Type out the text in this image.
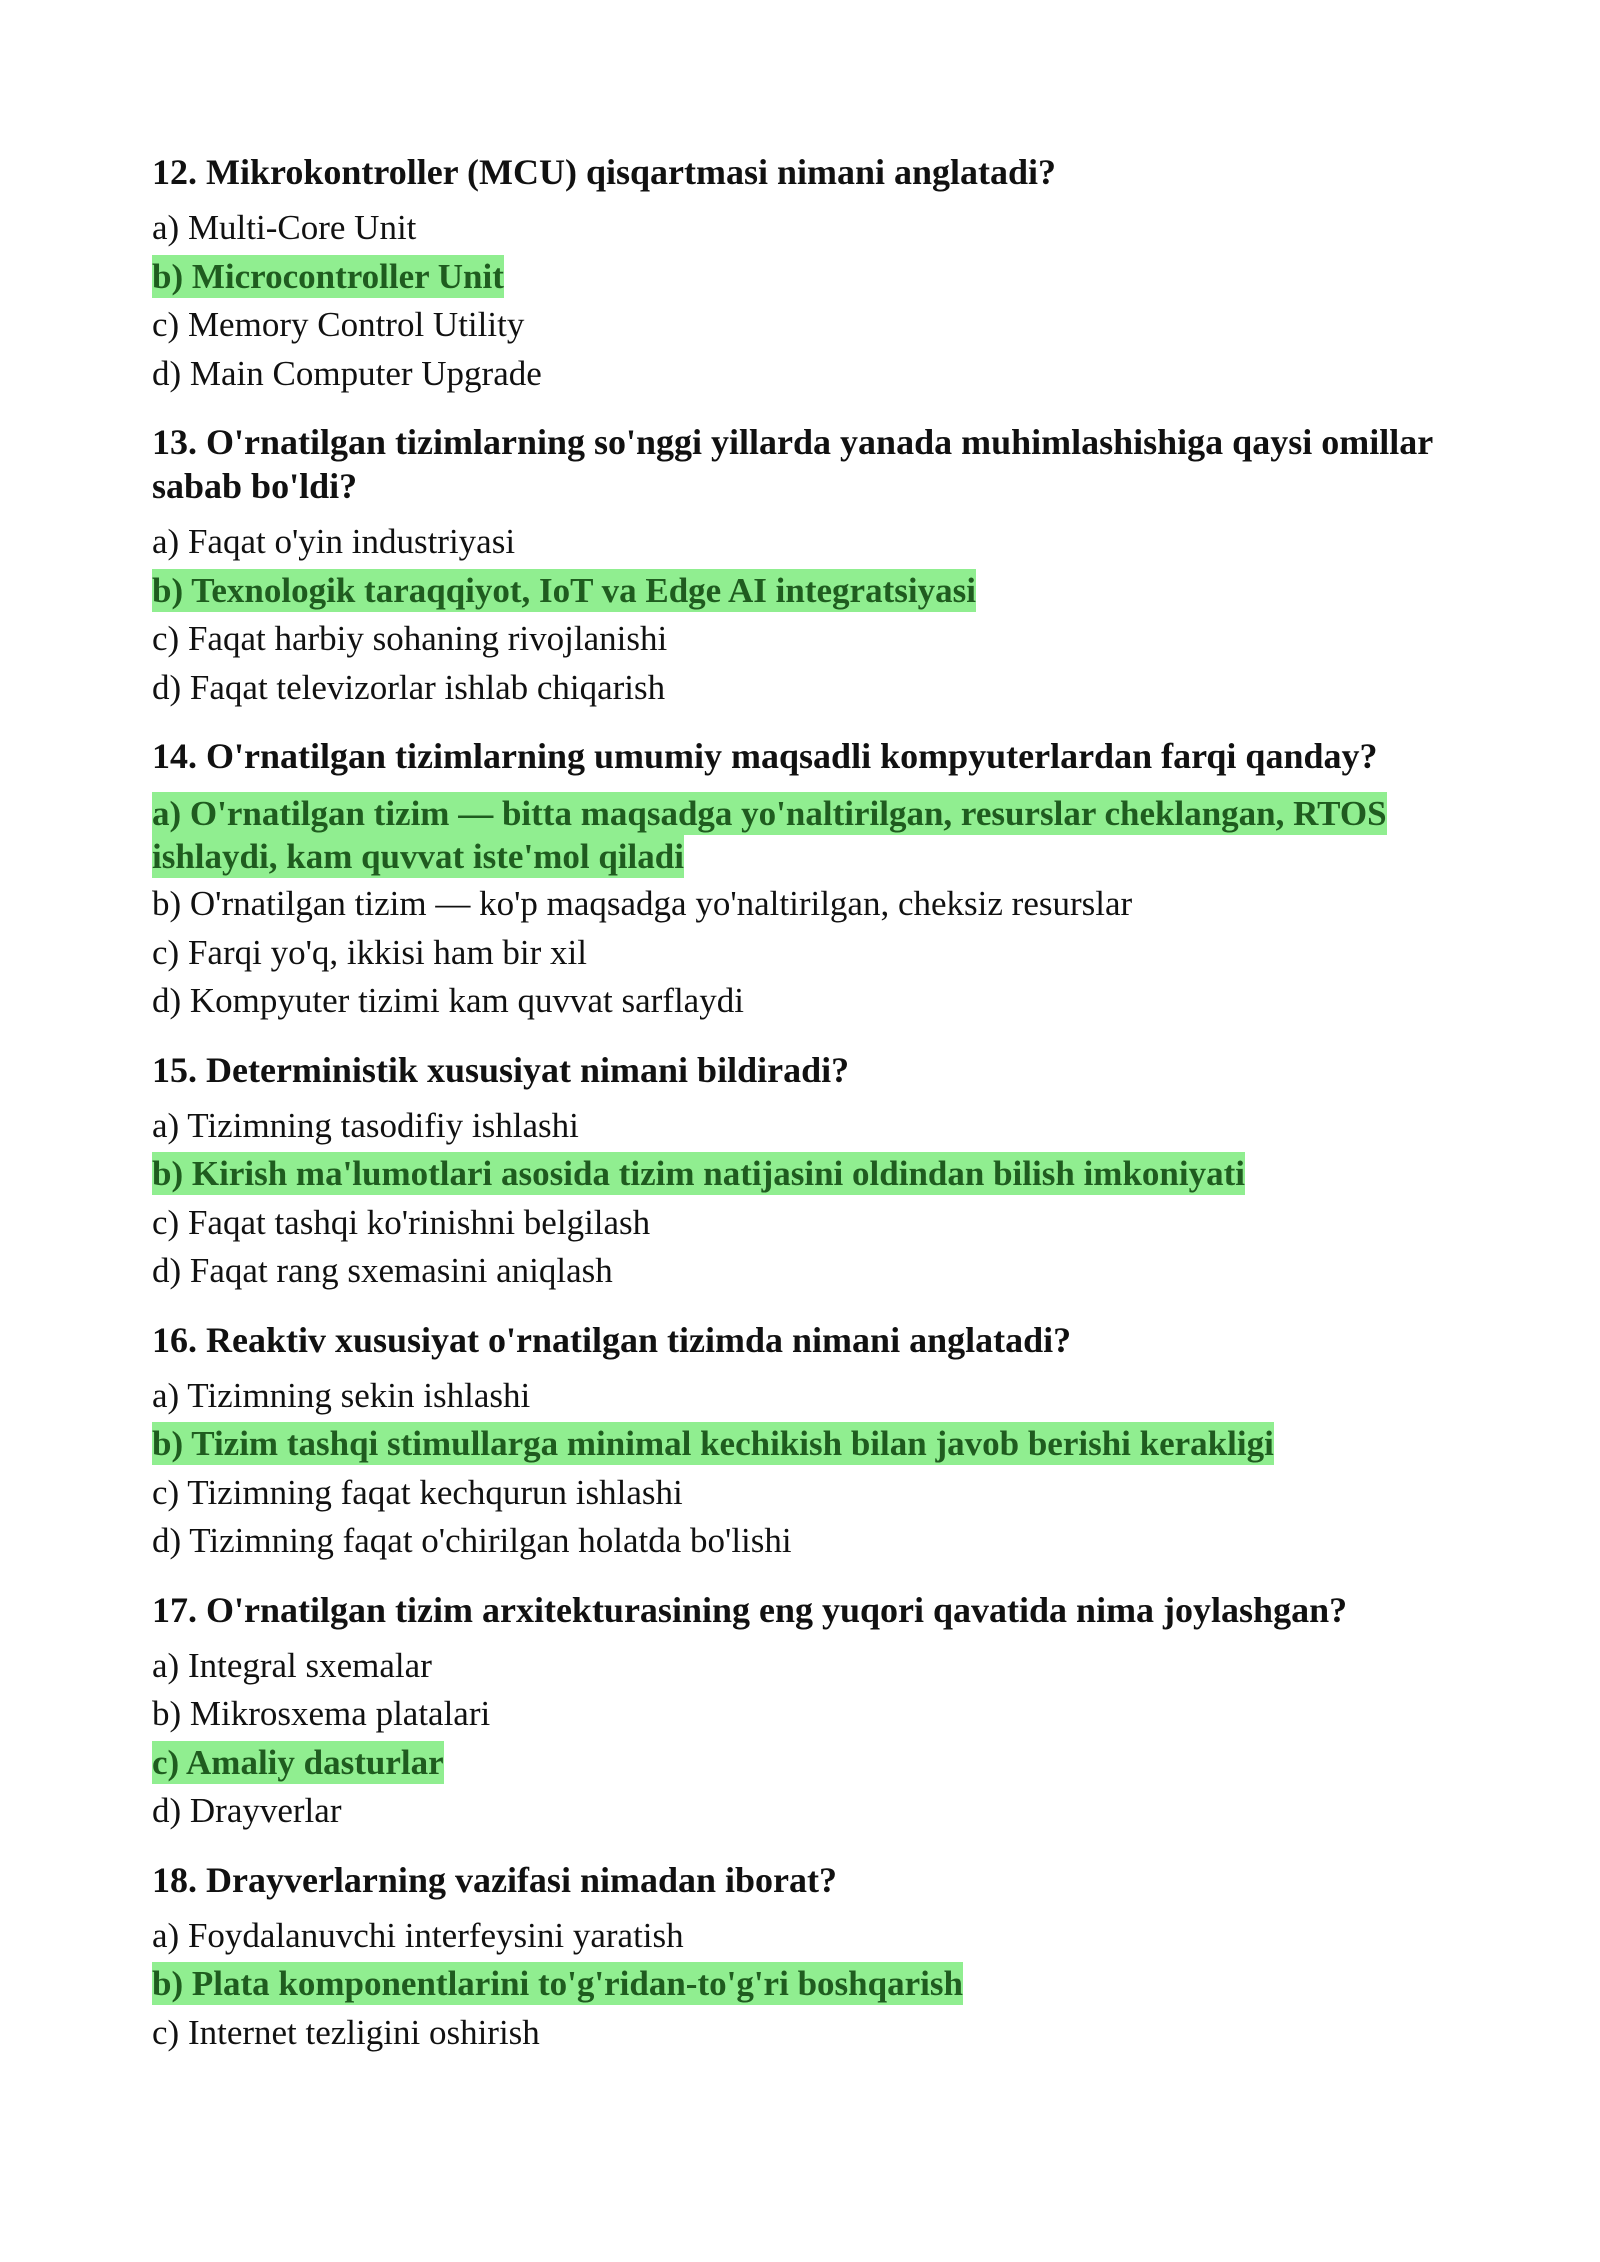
12. Mikrokontroller (MCU) qisqartmasi nimani anglatadi?
a) Multi-Core Unit
b) Microcontroller Unit
c) Memory Control Utility
d) Main Computer Upgrade
13. O'rnatilgan tizimlarning so'nggi yillarda yanada muhimlashishiga qaysi omillar sabab bo'ldi?
a) Faqat o'yin industriyasi
b) Texnologik taraqqiyot, IoT va Edge AI integratsiyasi
c) Faqat harbiy sohaning rivojlanishi
d) Faqat televizorlar ishlab chiqarish
14. O'rnatilgan tizimlarning umumiy maqsadli kompyuterlardan farqi qanday?
a) O'rnatilgan tizim — bitta maqsadga yo'naltirilgan, resurslar cheklangan, RTOS ishlaydi, kam quvvat iste'mol qiladi
b) O'rnatilgan tizim — ko'p maqsadga yo'naltirilgan, cheksiz resurslar
c) Farqi yo'q, ikkisi ham bir xil
d) Kompyuter tizimi kam quvvat sarflaydi
15. Deterministik xususiyat nimani bildiradi?
a) Tizimning tasodifiy ishlashi
b) Kirish ma'lumotlari asosida tizim natijasini oldindan bilish imkoniyati
c) Faqat tashqi ko'rinishni belgilash
d) Faqat rang sxemasini aniqlash
16. Reaktiv xususiyat o'rnatilgan tizimda nimani anglatadi?
a) Tizimning sekin ishlashi
b) Tizim tashqi stimullarga minimal kechikish bilan javob berishi kerakligi
c) Tizimning faqat kechqurun ishlashi
d) Tizimning faqat o'chirilgan holatda bo'lishi
17. O'rnatilgan tizim arxitekturasining eng yuqori qavatida nima joylashgan?
a) Integral sxemalar
b) Mikrosxema platalari
c) Amaliy dasturlar
d) Drayverlar
18. Drayverlarning vazifasi nimadan iborat?
a) Foydalanuvchi interfeysini yaratish
b) Plata komponentlarini to'g'ridan-to'g'ri boshqarish
c) Internet tezligini oshirish
